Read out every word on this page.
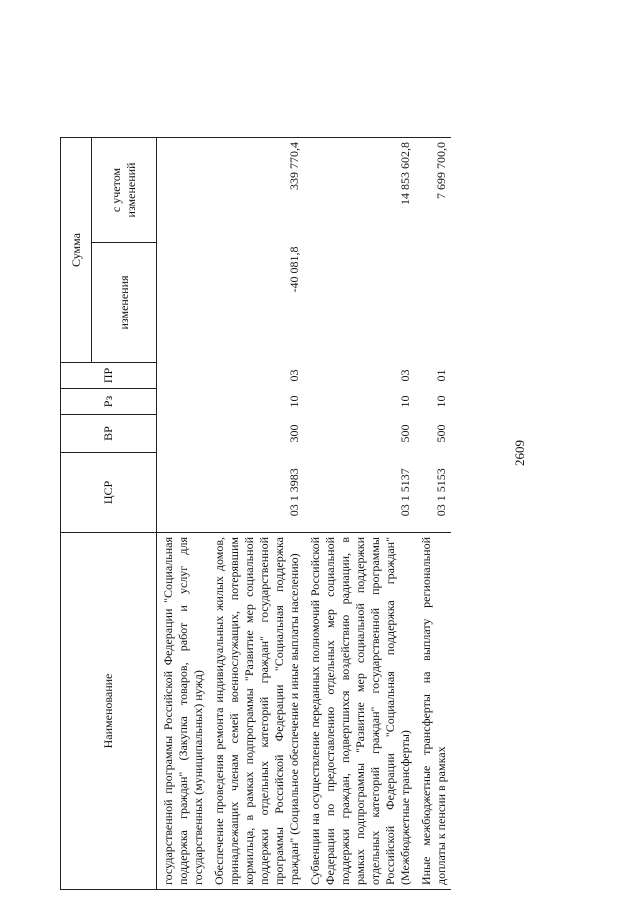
2609
Наименование	ЦСР	ВР	Рз	ПР	Сумма	
					изменения	с учетом изменений
государственной программы Российской Федерации "Социальная поддержка граждан" (Закупка товаров, работ и услуг для государственных (муниципальных) нужд)						
Обеспечение проведения ремонта индивидуальных жилых домов, принадлежащих членам семей военнослужащих, потерявшим кормильца, в рамках подпрограммы "Развитие мер социальной поддержки отдельных категорий граждан" государственной программы Российской Федерации "Социальная поддержка граждан" (Социальное обеспечение и иные выплаты населению)	03 1 3983	300	10	03	-40 081,8	339 770,4
Субвенции на осуществление переданных полномочий Российской Федерации по предоставлению отдельных мер социальной поддержки граждан, подвергшихся воздействию радиации, в рамках подпрограммы "Развитие мер социальной поддержки отдельных категорий граждан" государственной программы Российской Федерации "Социальная поддержка граждан" (Межбюджетные трансферты)	03 1 5137	500	10	03		14 853 602,8
Иные межбюджетные трансферты на выплату региональной доплаты к пенсии в рамках	03 1 5153	500	10	01		7 699 700,0
